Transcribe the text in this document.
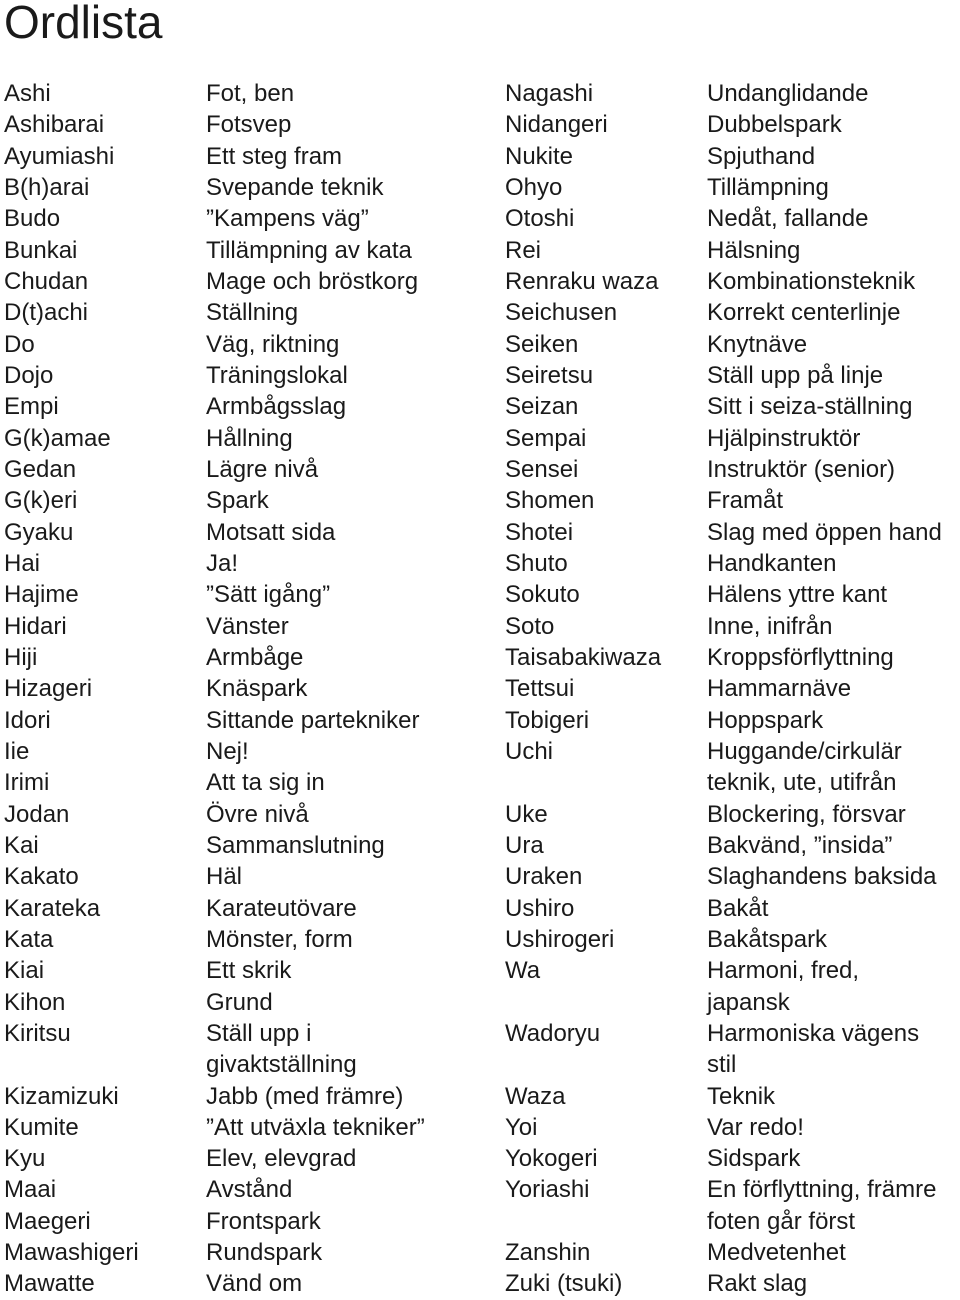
Ordlista
Ashi
Ashibarai
Ayumiashi
B(h)arai
Budo
Bunkai
Chudan
D(t)achi
Do
Dojo
Empi
G(k)amae
Gedan
G(k)eri
Gyaku
Hai
Hajime
Hidari
Hiji
Hizageri
Idori
Iie
Irimi
Jodan
Kai
Kakato
Karateka
Kata
Kiai
Kihon
Kiritsu
Kizamizuki
Kumite
Kyu
Maai
Maegeri
Mawashigeri
Mawatte
Fot, ben
Fotsvep
Ett steg fram
Svepande teknik
”Kampens väg”
Tillämpning av kata
Mage och bröstkorg
Ställning
Väg, riktning
Träningslokal
Armbågsslag
Hållning
Lägre nivå
Spark
Motsatt sida
Ja!
”Sätt igång”
Vänster
Armbåge
Knäspark
Sittande partekniker
Nej!
Att ta sig in
Övre nivå
Sammanslutning
Häl
Karateutövare
Mönster, form
Ett skrik
Grund
Ställ upp i
givaktställning
Jabb (med främre)
”Att utväxla tekniker”
Elev, elevgrad
Avstånd
Frontspark
Rundspark
Vänd om
Nagashi
Nidangeri
Nukite
Ohyo
Otoshi
Rei
Renraku waza
Seichusen
Seiken
Seiretsu
Seizan
Sempai
Sensei
Shomen
Shotei
Shuto
Sokuto
Soto
Taisabakiwaza
Tettsui
Tobigeri
Uchi
Uke
Ura
Uraken
Ushiro
Ushirogeri
Wa
Wadoryu
Waza
Yoi
Yokogeri
Yoriashi
Zanshin
Zuki (tsuki)
Undanglidande
Dubbelspark
Spjuthand
Tillämpning
Nedåt, fallande
Hälsning
Kombinationsteknik
Korrekt centerlinje
Knytnäve
Ställ upp på linje
Sitt i seiza-ställning
Hjälpinstruktör
Instruktör (senior)
Framåt
Slag med öppen hand
Handkanten
Hälens yttre kant
Inne, inifrån
Kroppsförflyttning
Hammarnäve
Hoppspark
Huggande/cirkulär
teknik, ute, utifrån
Blockering, försvar
Bakvänd, ”insida”
Slaghandens baksida
Bakåt
Bakåtspark
Harmoni, fred,
japansk
Harmoniska vägens
stil
Teknik
Var redo!
Sidspark
En förflyttning, främre
foten går först
Medvetenhet
Rakt slag
